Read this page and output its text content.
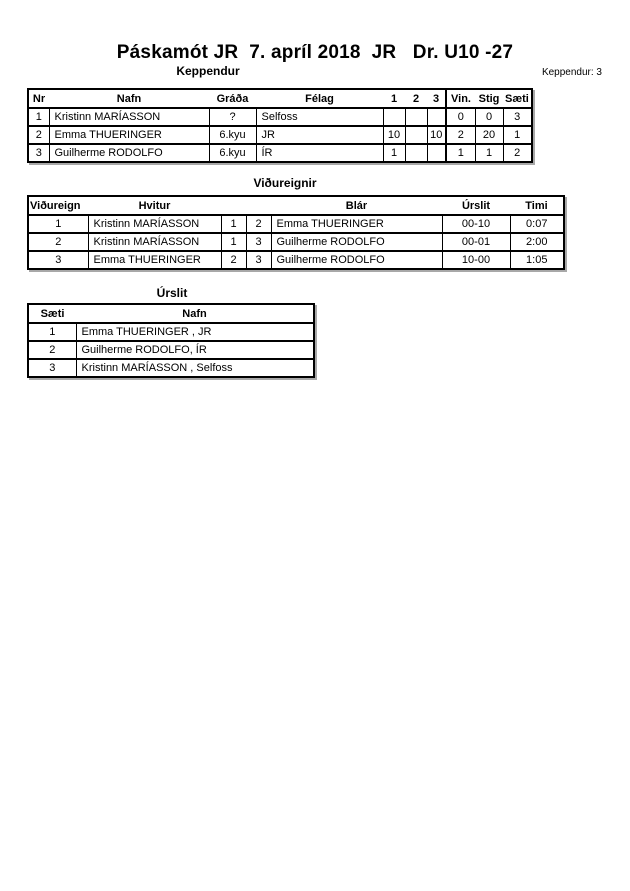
Páskamót JR  7. apríl 2018  JR   Dr. U10 -27
Keppendur	Keppendur: 3
Nr	Nafn	Gráða	Félag	1	2	3	Vin.	Stig	Sæti
1	Kristinn MARÍASSON	?	Selfoss				0	0	3
2	Emma THUERINGER	6.kyu	JR	10		10	2	20	1
3	Guilherme RODOLFO	6.kyu	ÍR	1			1	1	2
Viðureignir
Viðureign	Hvitur			Blár	Úrslit	Timi
1	Kristinn MARÍASSON	1	2	Emma THUERINGER	00-10	0:07
2	Kristinn MARÍASSON	1	3	Guilherme RODOLFO	00-01	2:00
3	Emma THUERINGER	2	3	Guilherme RODOLFO	10-00	1:05
Úrslit
Sæti	Nafn
1	Emma THUERINGER , JR
2	Guilherme RODOLFO, ÍR
3	Kristinn MARÍASSON , Selfoss
